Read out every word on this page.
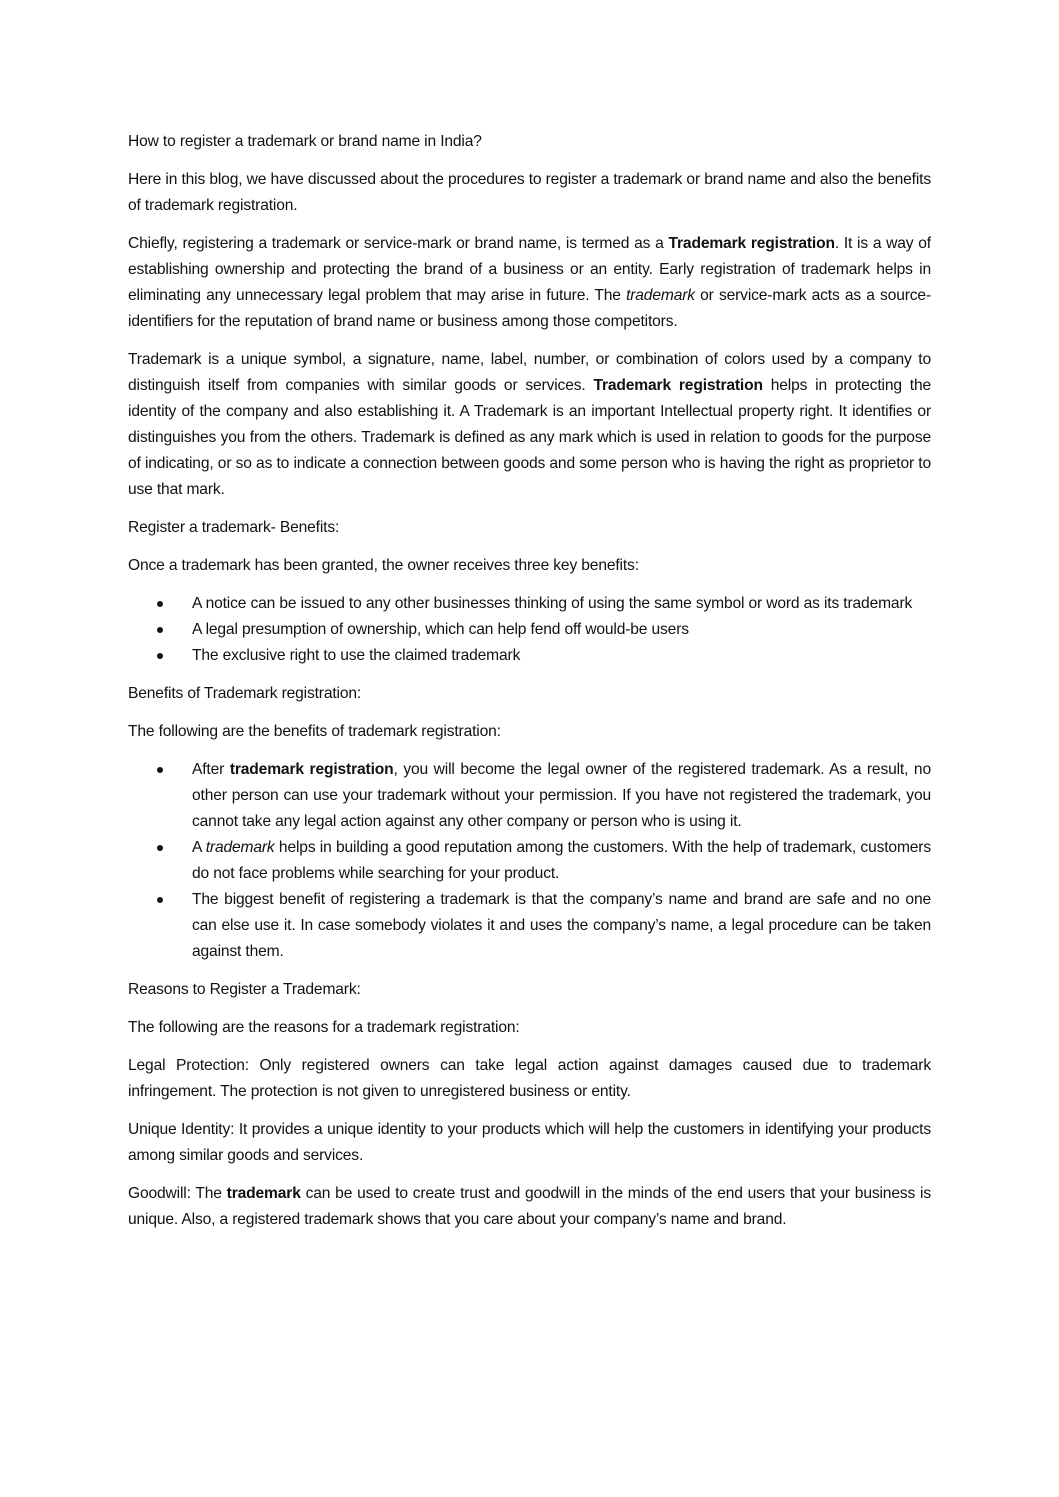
How to register a trademark or brand name in India?

Here in this blog, we have discussed about the procedures to register a trademark or brand name and also the benefits of trademark registration.

Chiefly, registering a trademark or service-mark or brand name, is termed as a Trademark registration. It is a way of establishing ownership and protecting the brand of a business or an entity. Early registration of trademark helps in eliminating any unnecessary legal problem that may arise in future. The trademark or service-mark acts as a source-identifiers for the reputation of brand name or business among those competitors.

Trademark is a unique symbol, a signature, name, label, number, or combination of colors used by a company to distinguish itself from companies with similar goods or services. Trademark registration helps in protecting the identity of the company and also establishing it. A Trademark is an important Intellectual property right. It identifies or distinguishes you from the others. Trademark is defined as any mark which is used in relation to goods for the purpose of indicating, or so as to indicate a connection between goods and some person who is having the right as proprietor to use that mark.

Register a trademark- Benefits:

Once a trademark has been granted, the owner receives three key benefits:

A notice can be issued to any other businesses thinking of using the same symbol or word as its trademark
A legal presumption of ownership, which can help fend off would-be users
The exclusive right to use the claimed trademark

Benefits of Trademark registration:

The following are the benefits of trademark registration:

After trademark registration, you will become the legal owner of the registered trademark. As a result, no other person can use your trademark without your permission. If you have not registered the trademark, you cannot take any legal action against any other company or person who is using it.
A trademark helps in building a good reputation among the customers. With the help of trademark, customers do not face problems while searching for your product.
The biggest benefit of registering a trademark is that the company’s name and brand are safe and no one can else use it. In case somebody violates it and uses the company’s name, a legal procedure can be taken against them.

Reasons to Register a Trademark:

The following are the reasons for a trademark registration:

Legal Protection: Only registered owners can take legal action against damages caused due to trademark infringement. The protection is not given to unregistered business or entity.

Unique Identity: It provides a unique identity to your products which will help the customers in identifying your products among similar goods and services.

Goodwill: The trademark can be used to create trust and goodwill in the minds of the end users that your business is unique. Also, a registered trademark shows that you care about your company’s name and brand.
